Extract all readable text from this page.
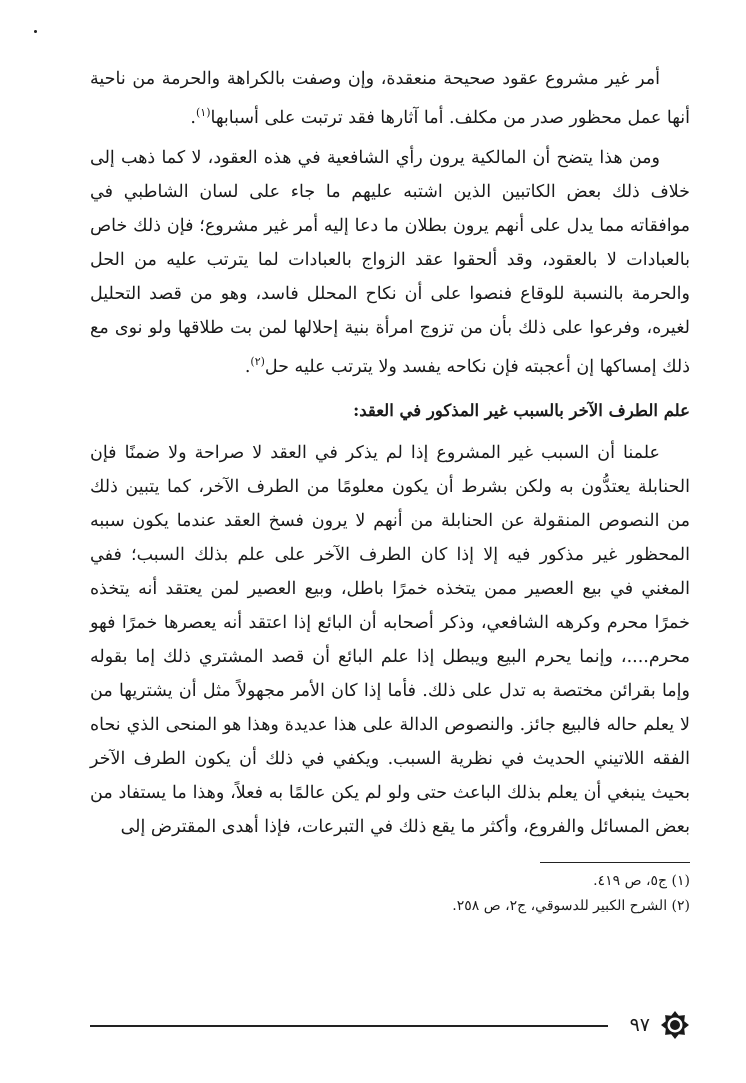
أمر غير مشروع عقود صحيحة منعقدة، وإن وصفت بالكراهة والحرمة من ناحية أنها عمل محظور صدر من مكلف. أما آثارها فقد ترتبت على أسبابها$^{(١)}$.

ومن هذا يتضح أن المالكية يرون رأي الشافعية في هذه العقود، لا كما ذهب إلى خلاف ذلك بعض الكاتبين الذين اشتبه عليهم ما جاء على لسان الشاطبي في موافقاته مما يدل على أنهم يرون بطلان ما دعا إليه أمر غير مشروع؛ فإن ذلك خاص بالعبادات لا بالعقود، وقد ألحقوا عقد الزواج بالعبادات لما يترتب عليه من الحل والحرمة بالنسبة للوقاع فنصوا على أن نكاح المحلل فاسد، وهو من قصد التحليل لغيره، وفرعوا على ذلك بأن من تزوج امرأة بنية إحلالها لمن بت طلاقها ولو نوى مع ذلك إمساكها إن أعجبته فإن نكاحه يفسد ولا يترتب عليه حل$^{(٢)}$.

علم الطرف الآخر بالسبب غير المذكور في العقد:

علمنا أن السبب غير المشروع إذا لم يذكر في العقد لا صراحة ولا ضمنًا فإن الحنابلة يعتدُّون به ولكن بشرط أن يكون معلومًا من الطرف الآخر، كما يتبين ذلك من النصوص المنقولة عن الحنابلة من أنهم لا يرون فسخ العقد عندما يكون سببه المحظور غير مذكور فيه إلا إذا كان الطرف الآخر على علم بذلك السبب؛ ففي المغني في بيع العصير ممن يتخذه خمرًا باطل، وبيع العصير لمن يعتقد أنه يتخذه خمرًا محرم وكرهه الشافعي، وذكر أصحابه أن البائع إذا اعتقد أنه يعصرها خمرًا فهو محرم....، وإنما يحرم البيع ويبطل إذا علم البائع أن قصد المشتري ذلك إما بقوله وإما بقرائن مختصة به تدل على ذلك. فأما إذا كان الأمر مجهولاً مثل أن يشتريها من لا يعلم حاله فالبيع جائز. والنصوص الدالة على هذا عديدة وهذا هو المنحى الذي نحاه الفقه اللاتيني الحديث في نظرية السبب. ويكفي في ذلك أن يكون الطرف الآخر بحيث ينبغي أن يعلم بذلك الباعث حتى ولو لم يكن عالمًا به فعلاً، وهذا ما يستفاد من بعض المسائل والفروع، وأكثر ما يقع ذلك في التبرعات، فإذا أهدى المقترض إلى

(١) ج٥، ص ٤١٩.

(٢) الشرح الكبير للدسوقي، ج٢، ص ٢٥٨.

٩٧
